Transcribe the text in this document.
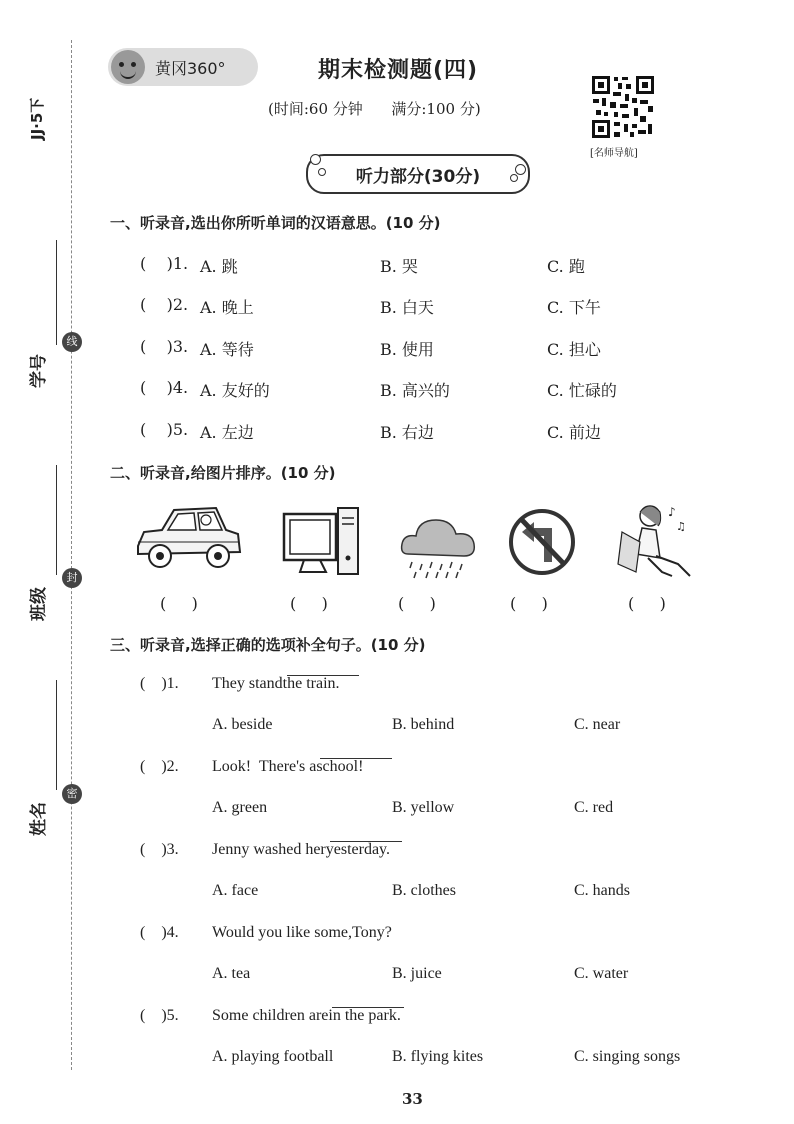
JJ·5下
线
封
密
学号
班级
姓名
黄冈360°	期末检测题(四)
(时间:60 分钟      满分:100 分)
[名师导航]
听力部分(30分)
一、听录音,选出你所听单词的汉语意思。(10 分)
(    )1. A. 跳	B. 哭	C. 跑
(    )2. A. 晚上	B. 白天	C. 下午
(    )3. A. 等待	B. 使用	C. 担心
(    )4. A. 友好的	B. 高兴的	C. 忙碌的
(    )5. A. 左边	B. 右边	C. 前边
二、听录音,给图片排序。(10 分)
♪
♫
(     )	(     )	(     )	(     )	(     )
三、听录音,选择正确的选项补全句子。(10 分)
(    )1. They stand
the train.
A. beside	B. behind	C. near
(    )2. Look!  There's a
school!
A. green	B. yellow	C. red
(    )3. Jenny washed her
yesterday.
A. face	B. clothes	C. hands
(    )4. Would you like some
,Tony?
A. tea	B. juice	C. water
(    )5. Some children are
in the park.
A. playing football	B. flying kites	C. singing songs
33
